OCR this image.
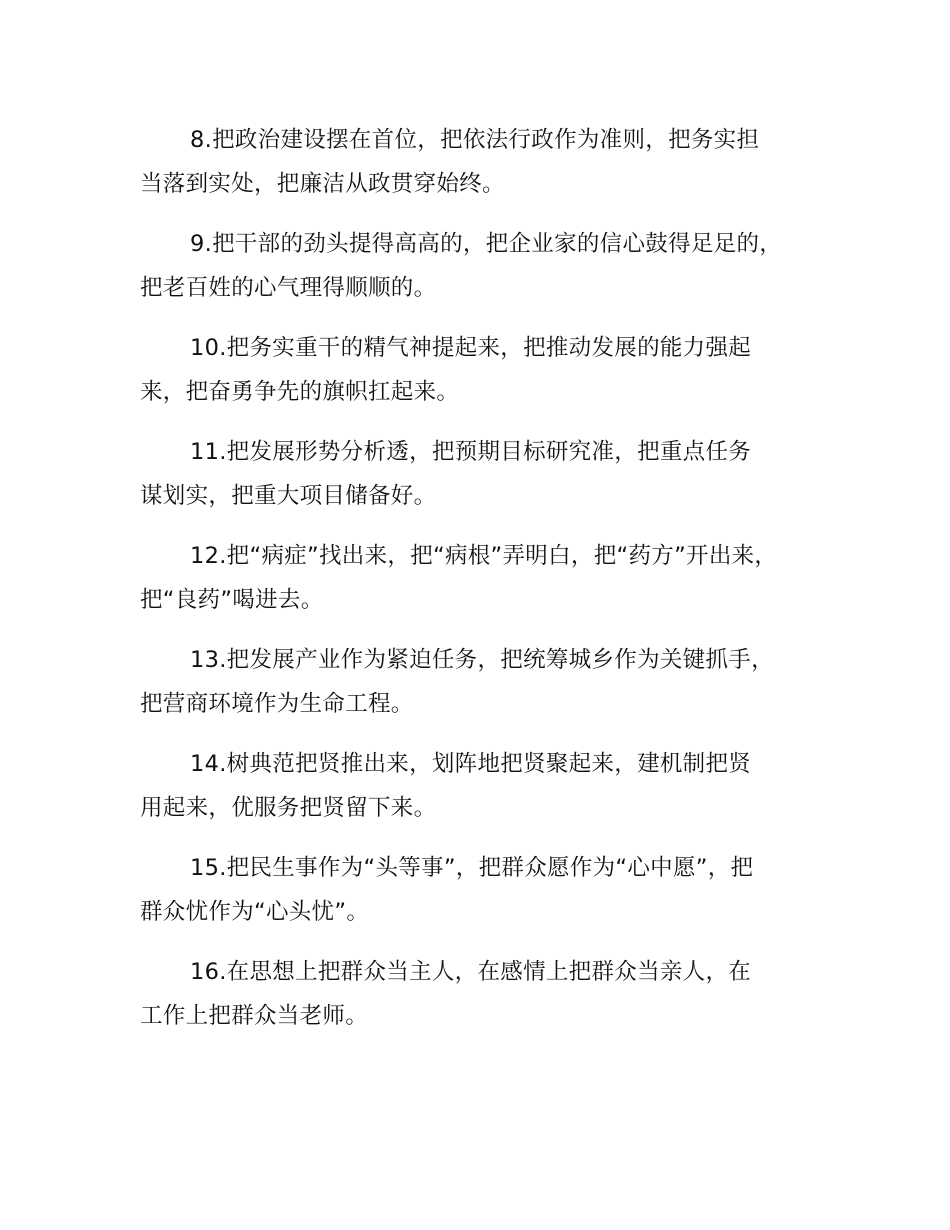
8.把政治建设摆在首位，把依法行政作为准则，把务实担
当落到实处，把廉洁从政贯穿始终。

9.把干部的劲头提得高高的，把企业家的信心鼓得足足的，
把老百姓的心气理得顺顺的。

10.把务实重干的精气神提起来，把推动发展的能力强起
来，把奋勇争先的旗帜扛起来。

11.把发展形势分析透，把预期目标研究准，把重点任务
谋划实，把重大项目储备好。

12.把“病症”找出来，把“病根”弄明白，把“药方”开出来，
把“良药”喝进去。

13.把发展产业作为紧迫任务，把统筹城乡作为关键抓手，
把营商环境作为生命工程。

14.树典范把贤推出来，划阵地把贤聚起来，建机制把贤
用起来，优服务把贤留下来。

15.把民生事作为“头等事”，把群众愿作为“心中愿”，把
群众忧作为“心头忧”。

16.在思想上把群众当主人，在感情上把群众当亲人，在
工作上把群众当老师。
